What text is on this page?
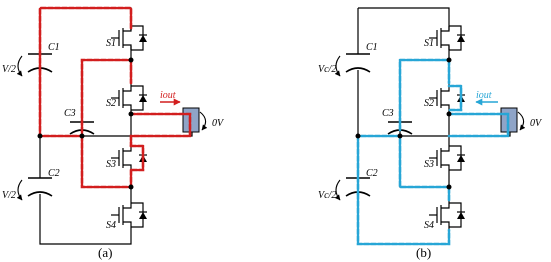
V/2
V/2
C1
C2
C3
S1
S2
S3
S4
iout
0V
(a)
Vc/2
Vc/2
C1
C2
C3
S1
S2
S3
S4
iout
0V
(b)
